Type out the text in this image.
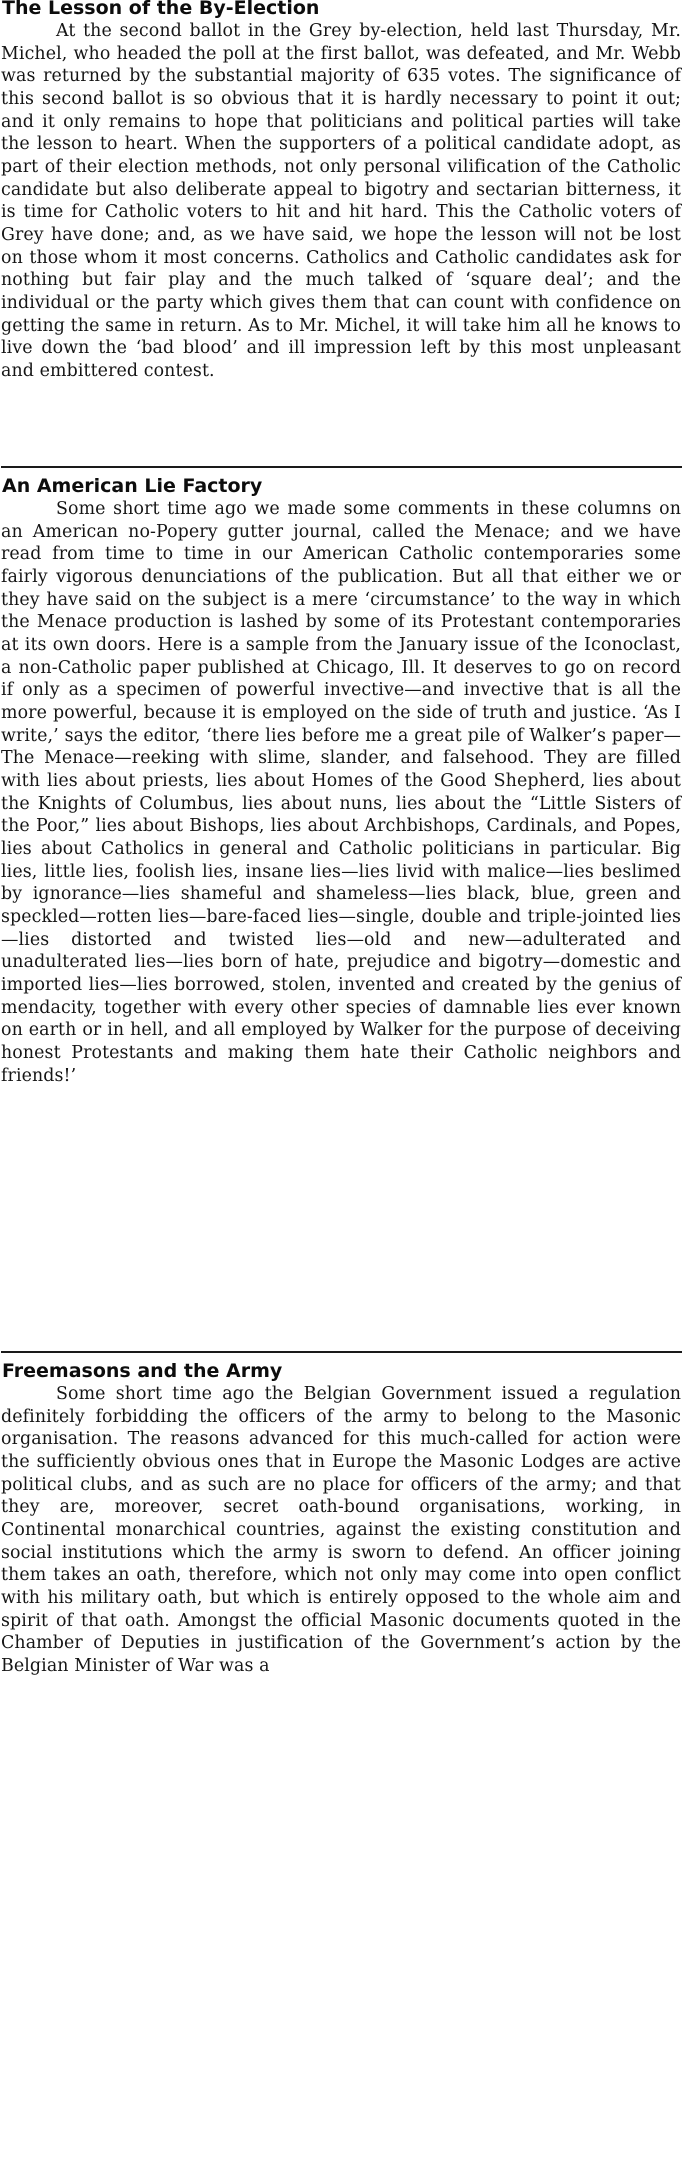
The Lesson of the By-Election

At the second ballot in the Grey by-election, held last Thursday, Mr. Michel, who headed the poll at the first ballot, was defeated, and Mr. Webb was returned by the substantial majority of 635 votes. The significance of this second ballot is so obvious that it is hardly necessary to point it out; and it only remains to hope that politicians and political parties will take the lesson to heart. When the supporters of a political candidate adopt, as part of their election methods, not only personal vilification of the Catholic candidate but also deliberate appeal to bigotry and sectarian bitterness, it is time for Catholic voters to hit and hit hard. This the Catholic voters of Grey have done; and, as we have said, we hope the lesson will not be lost on those whom it most concerns. Catholics and Catholic candidates ask for nothing but fair play and the much talked of ‘square deal’; and the individual or the party which gives them that can count with confidence on getting the same in return. As to Mr. Michel, it will take him all he knows to live down the ‘bad blood’ and ill impression left by this most unpleasant and embittered contest.

An American Lie Factory

Some short time ago we made some comments in these columns on an American no-Popery gutter journal, called the Menace; and we have read from time to time in our American Catholic contemporaries some fairly vigorous denunciations of the publication. But all that either we or they have said on the subject is a mere ‘circumstance’ to the way in which the Menace production is lashed by some of its Protestant contemporaries at its own doors. Here is a sample from the January issue of the Iconoclast, a non-Catholic paper published at Chicago, Ill. It deserves to go on record if only as a specimen of powerful invective—and invective that is all the more powerful, because it is employed on the side of truth and justice. ‘As I write,’ says the editor, ‘there lies before me a great pile of Walker’s paper—The Menace—reeking with slime, slander, and falsehood. They are filled with lies about priests, lies about Homes of the Good Shepherd, lies about the Knights of Columbus, lies about nuns, lies about the “Little Sisters of the Poor,” lies about Bishops, lies about Archbishops, Cardinals, and Popes, lies about Catholics in general and Catholic politicians in particular. Big lies, little lies, foolish lies, insane lies—lies livid with malice—lies beslimed by ignorance—lies shameful and shameless—lies black, blue, green and speckled—rotten lies—bare-faced lies—single, double and triple-jointed lies—lies distorted and twisted lies—old and new—adulterated and unadulterated lies—lies born of hate, prejudice and bigotry—domestic and imported lies—lies borrowed, stolen, invented and created by the genius of mendacity, together with every other species of damnable lies ever known on earth or in hell, and all employed by Walker for the purpose of deceiving honest Protestants and making them hate their Catholic neighbors and friends!’

Freemasons and the Army

Some short time ago the Belgian Government issued a regulation definitely forbidding the officers of the army to belong to the Masonic organisation. The reasons advanced for this much-called for action were the sufficiently obvious ones that in Europe the Masonic Lodges are active political clubs, and as such are no place for officers of the army; and that they are, moreover, secret oath-bound organisations, working, in Continental monarchical countries, against the existing constitution and social institutions which the army is sworn to defend. An officer joining them takes an oath, therefore, which not only may come into open conflict with his military oath, but which is entirely opposed to the whole aim and spirit of that oath. Amongst the official Masonic documents quoted in the Chamber of Deputies in justification of the Government’s action by the Belgian Minister of War was a
